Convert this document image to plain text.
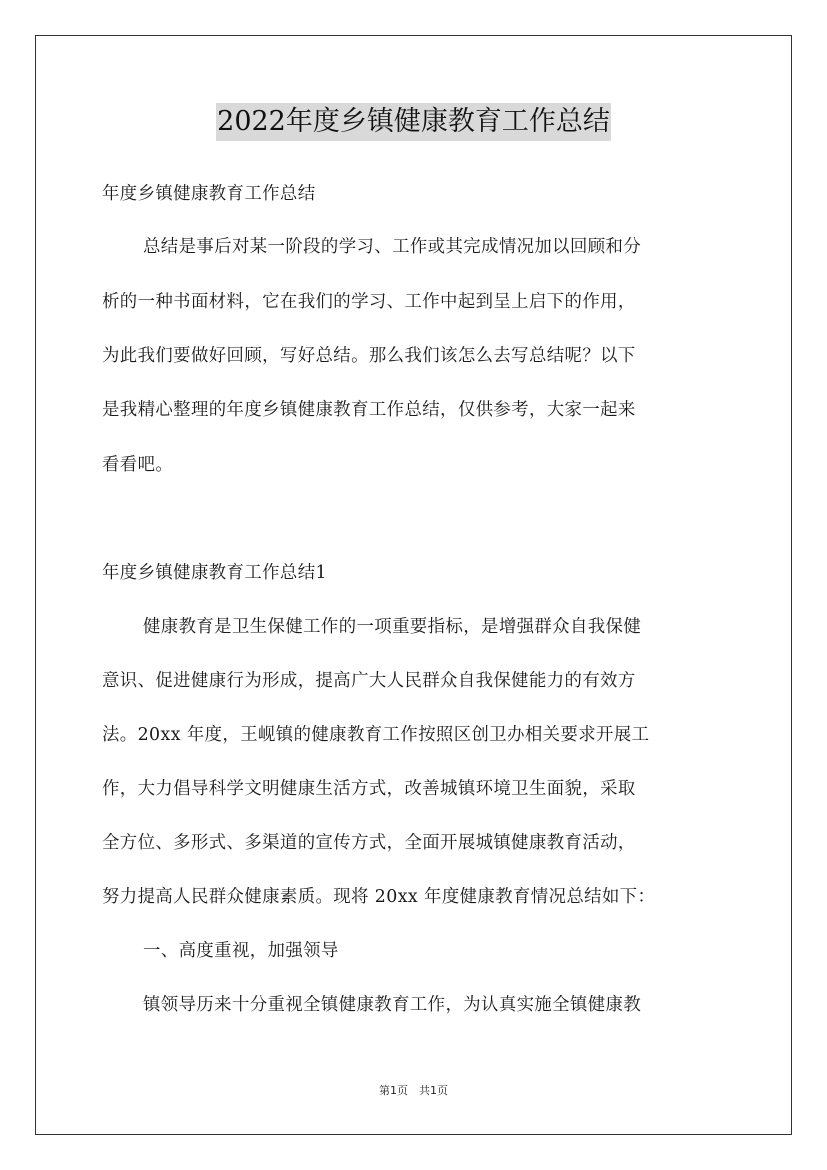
2022年度乡镇健康教育工作总结
年度乡镇健康教育工作总结
总结是事后对某一阶段的学习、工作或其完成情况加以回顾和分
析的一种书面材料，它在我们的学习、工作中起到呈上启下的作用，
为此我们要做好回顾，写好总结。那么我们该怎么去写总结呢？以下
是我精心整理的年度乡镇健康教育工作总结，仅供参考，大家一起来
看看吧。
年度乡镇健康教育工作总结1
健康教育是卫生保健工作的一项重要指标，是增强群众自我保健
意识、促进健康行为形成，提高广大人民群众自我保健能力的有效方
法。20xx 年度，王岘镇的健康教育工作按照区创卫办相关要求开展工
作，大力倡导科学文明健康生活方式，改善城镇环境卫生面貌，采取
全方位、多形式、多渠道的宣传方式，全面开展城镇健康教育活动，
努力提高人民群众健康素质。现将 20xx 年度健康教育情况总结如下：
一、高度重视，加强领导
镇领导历来十分重视全镇健康教育工作，为认真实施全镇健康教
第1页　共1页
